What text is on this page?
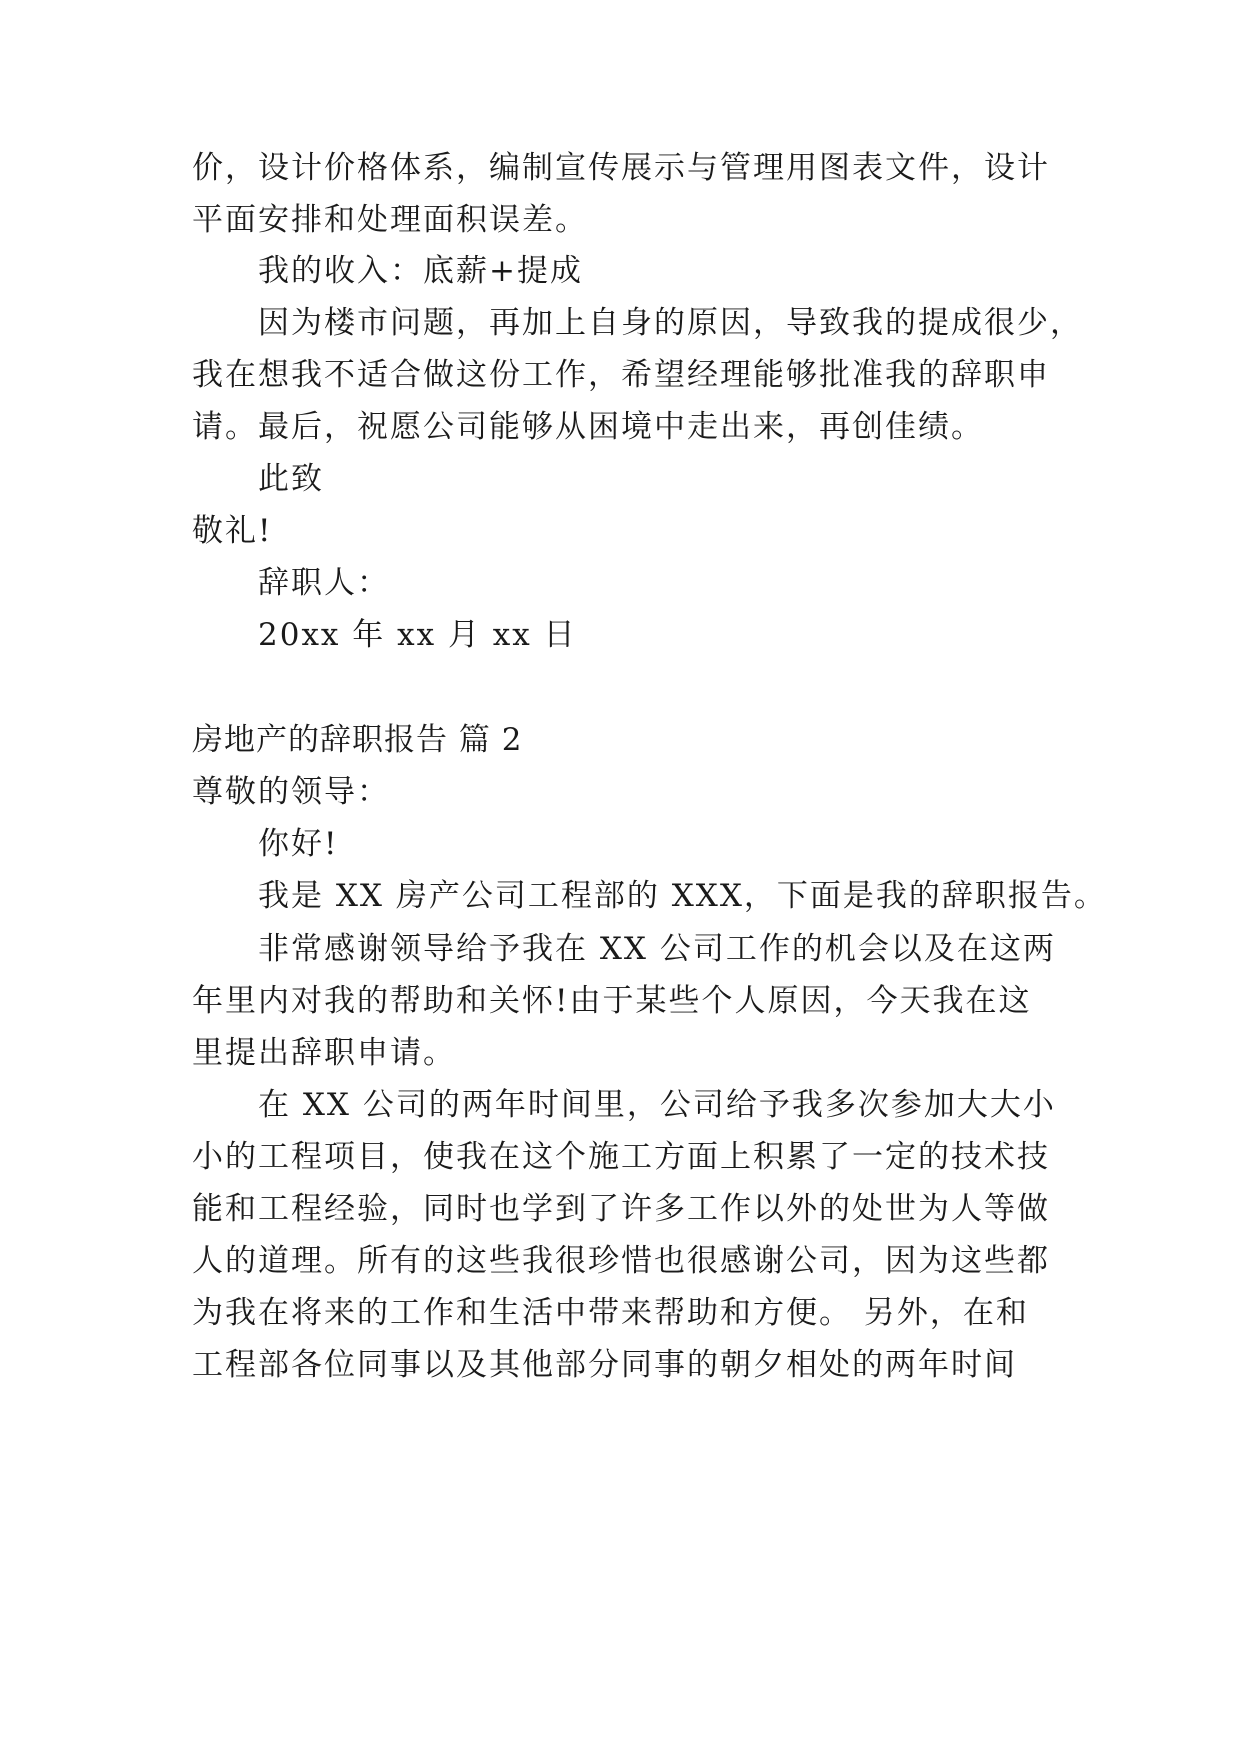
价，设计价格体系，编制宣传展示与管理用图表文件，设计
平面安排和处理面积误差。
我的收入：底薪+提成
因为楼市问题，再加上自身的原因，导致我的提成很少，
我在想我不适合做这份工作，希望经理能够批准我的辞职申
请。最后，祝愿公司能够从困境中走出来，再创佳绩。
此致
敬礼!
辞职人：
20xx 年 xx 月 xx 日
房地产的辞职报告 篇 2
尊敬的领导：
你好!
我是 XX 房产公司工程部的 XXX，下面是我的辞职报告。
非常感谢领导给予我在 XX 公司工作的机会以及在这两
年里内对我的帮助和关怀!由于某些个人原因，今天我在这
里提出辞职申请。
在 XX 公司的两年时间里，公司给予我多次参加大大小
小的工程项目，使我在这个施工方面上积累了一定的技术技
能和工程经验，同时也学到了许多工作以外的处世为人等做
人的道理。所有的这些我很珍惜也很感谢公司，因为这些都
为我在将来的工作和生活中带来帮助和方便。 另外，在和
工程部各位同事以及其他部分同事的朝夕相处的两年时间
